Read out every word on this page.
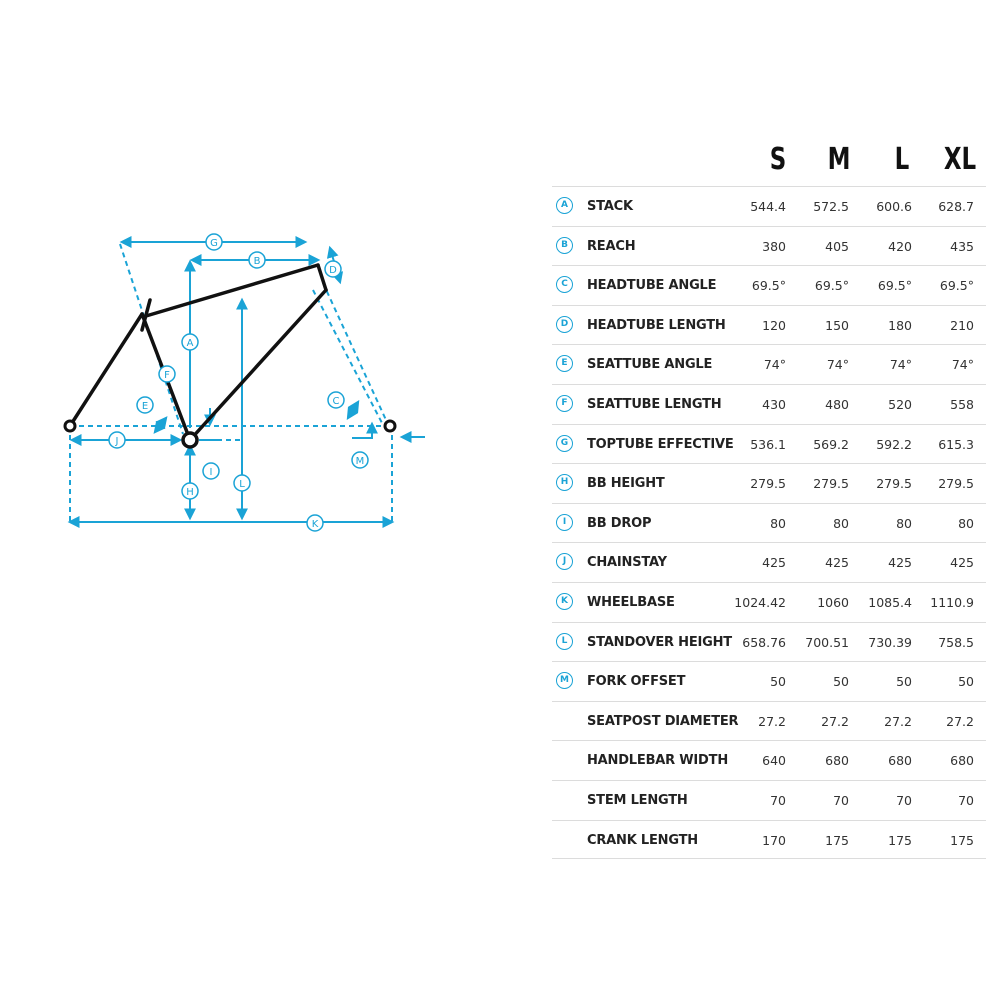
A
B
C
D
E
F
G
H
I
J
K
L
M
S	M	L	XL
A	STACK	544.4	572.5	600.6	628.7
B	REACH	380	405	420	435
C	HEADTUBE ANGLE	69.5°	69.5°	69.5°	69.5°
D	HEADTUBE LENGTH	120	150	180	210
E	SEATTUBE ANGLE	74°	74°	74°	74°
F	SEATTUBE LENGTH	430	480	520	558
G	TOPTUBE EFFECTIVE	536.1	569.2	592.2	615.3
H	BB HEIGHT	279.5	279.5	279.5	279.5
I	BB DROP	80	80	80	80
J	CHAINSTAY	425	425	425	425
K	WHEELBASE	1024.42	1060	1085.4	1110.9
L	STANDOVER HEIGHT 658.76	700.51	730.39	758.5
M	FORK OFFSET	50	50	50	50
SEATPOST DIAMETER	27.2	27.2	27.2	27.2
HANDLEBAR WIDTH	640	680	680	680
STEM LENGTH	70	70	70	70
CRANK LENGTH	170	175	175	175
